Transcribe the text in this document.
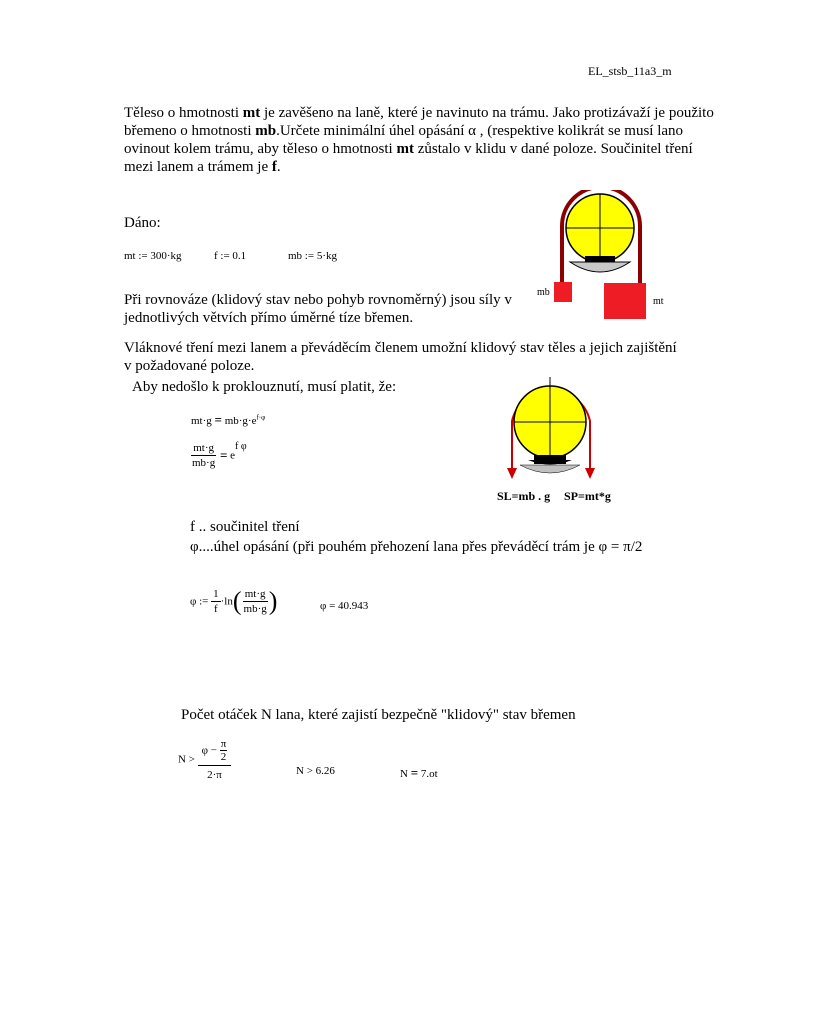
EL_stsb_11a3_m
Těleso o hmotnosti mt je zavěšeno na laně, které je navinuto na trámu. Jako protizávaží je použito břemeno o hmotnosti mb.Určete minimální úhel opásání α , (respektive kolikrát se musí lano ovinout kolem trámu, aby těleso o hmotnosti mt zůstalo v klidu v dané poloze. Součinitel tření mezi lanem a trámem je f.
Dáno:
mt := 300·kg	f := 0.1	mb := 5·kg
mb
mt
Při rovnováze (klidový stav nebo pohyb rovnoměrný) jsou síly v jednotlivých větvích přímo úměrné tíze břemen.
Vláknové tření mezi lanem a převáděcím členem umožní klidový stav těles a jejich zajištění v požadované poloze.
Aby nedošlo k proklouznutí, musí platit, že:
$mt\cdot g = mb\cdot g\cdot e^{f\cdot\varphi}$
$\frac{mt\cdot g}{mb\cdot g} = e^{f \varphi}$
SL=mb . g SP=mt*g
f .. součinitel tření
φ....úhel opásání (při pouhém přehození lana přes převáděcí trám je φ = π/2
φ := $\frac{1}{f} \cdot\ln( \frac{mt\cdot g}{mb\cdot g}$ )	φ = 40.943
Počet otáček N lana, které zajistí bezpečně "klidový" stav břemen
$N > \frac{\varphi - \frac{\pi}{2}}{2\cdot\pi}$	N > 6.26	N = 7.ot
